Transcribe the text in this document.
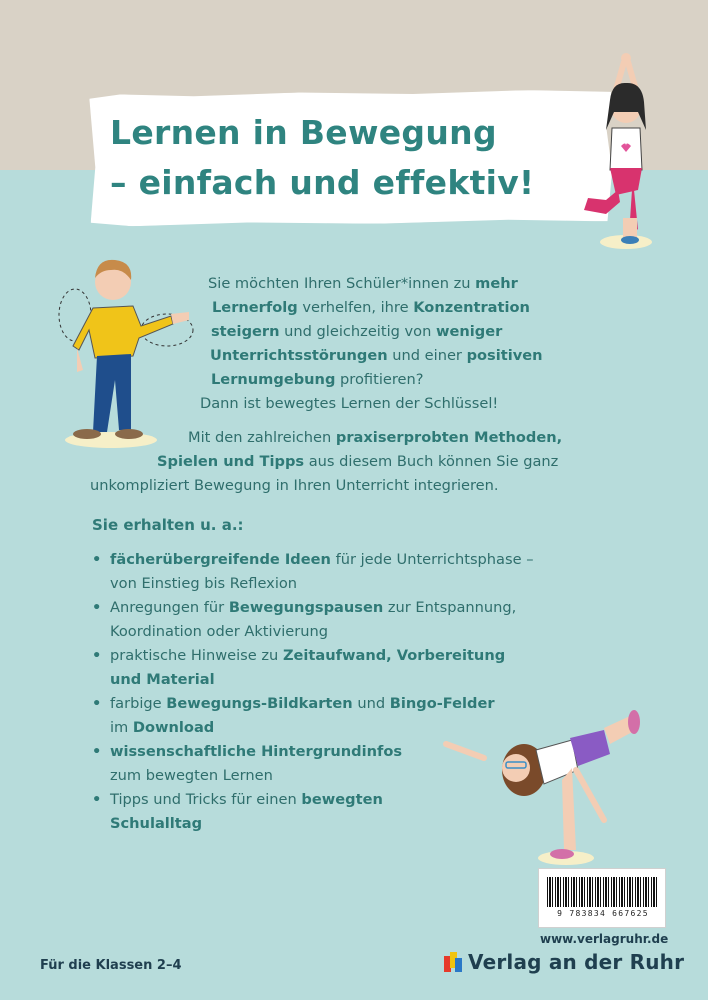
Lernen in Bewegung
– einfach und effektiv!
Sie möchten Ihren Schüler*innen zu mehr
Lernerfolg verhelfen, ihre Konzentration
steigern und gleichzeitig von weniger
Unterrichtsstörungen und einer positiven
Lernumgebung profitieren?
Dann ist bewegtes Lernen der Schlüssel!
Mit den zahlreichen praxiserprobten Methoden,
Spielen und Tipps aus diesem Buch können Sie ganz
unkompliziert Bewegung in Ihren Unterricht integrieren.
Sie erhalten u. a.:
• fächerübergreifende Ideen für jede Unterrichtsphase –
von Einstieg bis Reflexion
• Anregungen für Bewegungspausen zur Entspannung,
Koordination oder Aktivierung
• praktische Hinweise zu Zeitaufwand, Vorbereitung
und Material
• farbige Bewegungs-Bildkarten und Bingo-Felder
im Download
• wissenschaftliche Hintergrundinfos
zum bewegten Lernen
• Tipps und Tricks für einen bewegten
Schulalltag
9 783834 667625
www.verlagruhr.de
Verlag an der Ruhr
Für die Klassen 2–4
